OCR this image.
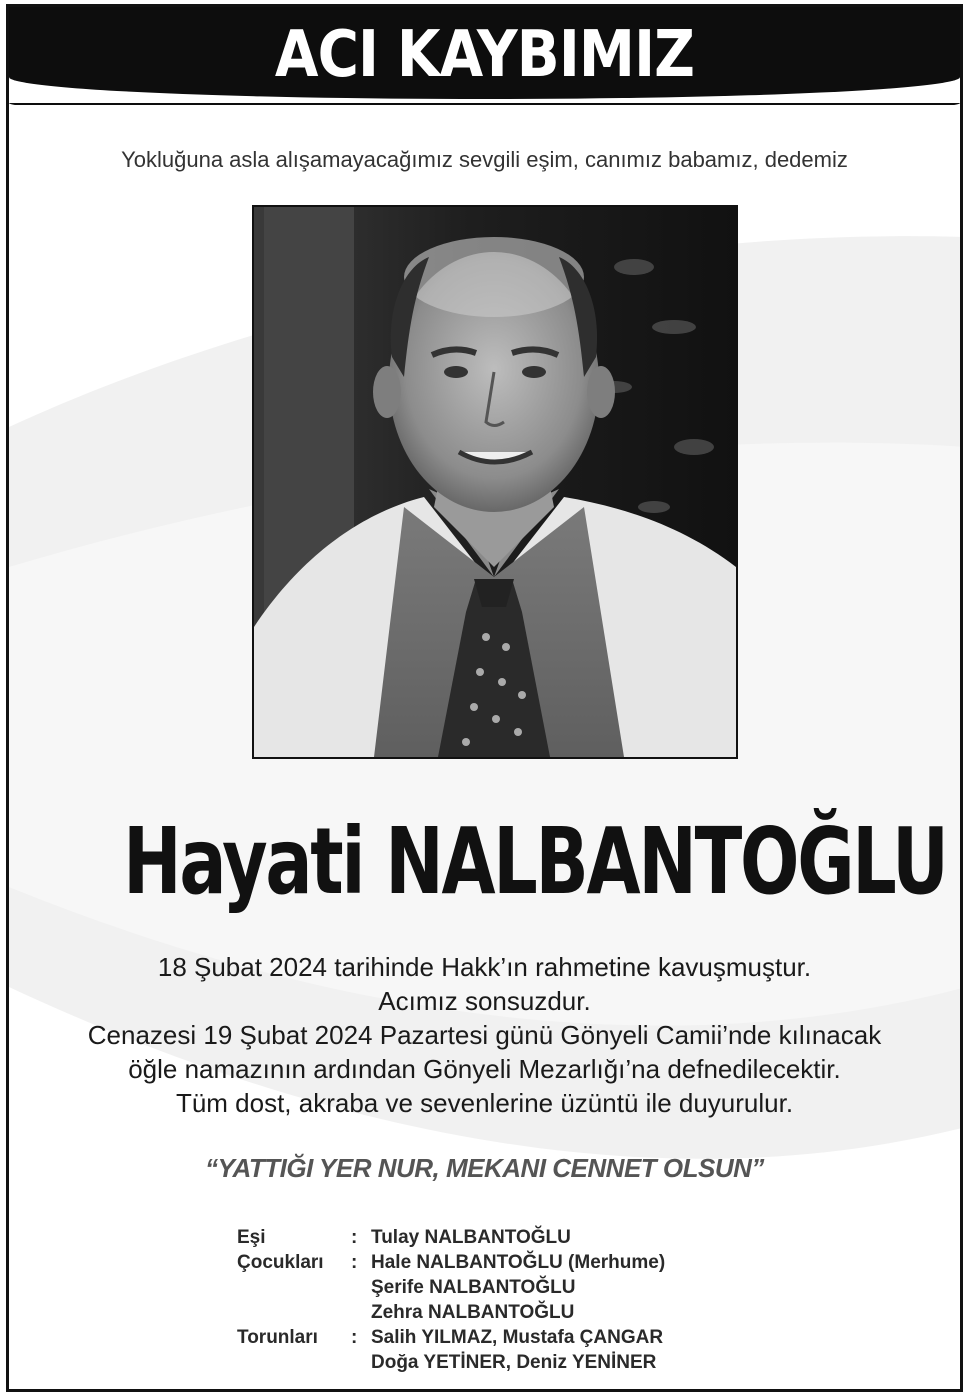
ACI KAYBIMIZ
Yokluğuna asla alışamayacağımız sevgili eşim, canımız babamız, dedemiz
Hayati NALBANTOĞLU
18 Şubat 2024 tarihinde Hakk’ın rahmetine kavuşmuştur.
Acımız sonsuzdur.
Cenazesi 19 Şubat 2024 Pazartesi günü Gönyeli Camii’nde kılınacak
öğle namazının ardından Gönyeli Mezarlığı’na defnedilecektir.
Tüm dost, akraba ve sevenlerine üzüntü ile duyurulur.
“YATTIĞI YER NUR, MEKANI CENNET OLSUN”
Eşi	: Tulay NALBANTOĞLU
Çocukları	: Hale NALBANTOĞLU (Merhume)
Şerife NALBANTOĞLU
Zehra NALBANTOĞLU
Torunları	: Salih YILMAZ, Mustafa ÇANGAR
Doğa YETİNER, Deniz YENİNER
